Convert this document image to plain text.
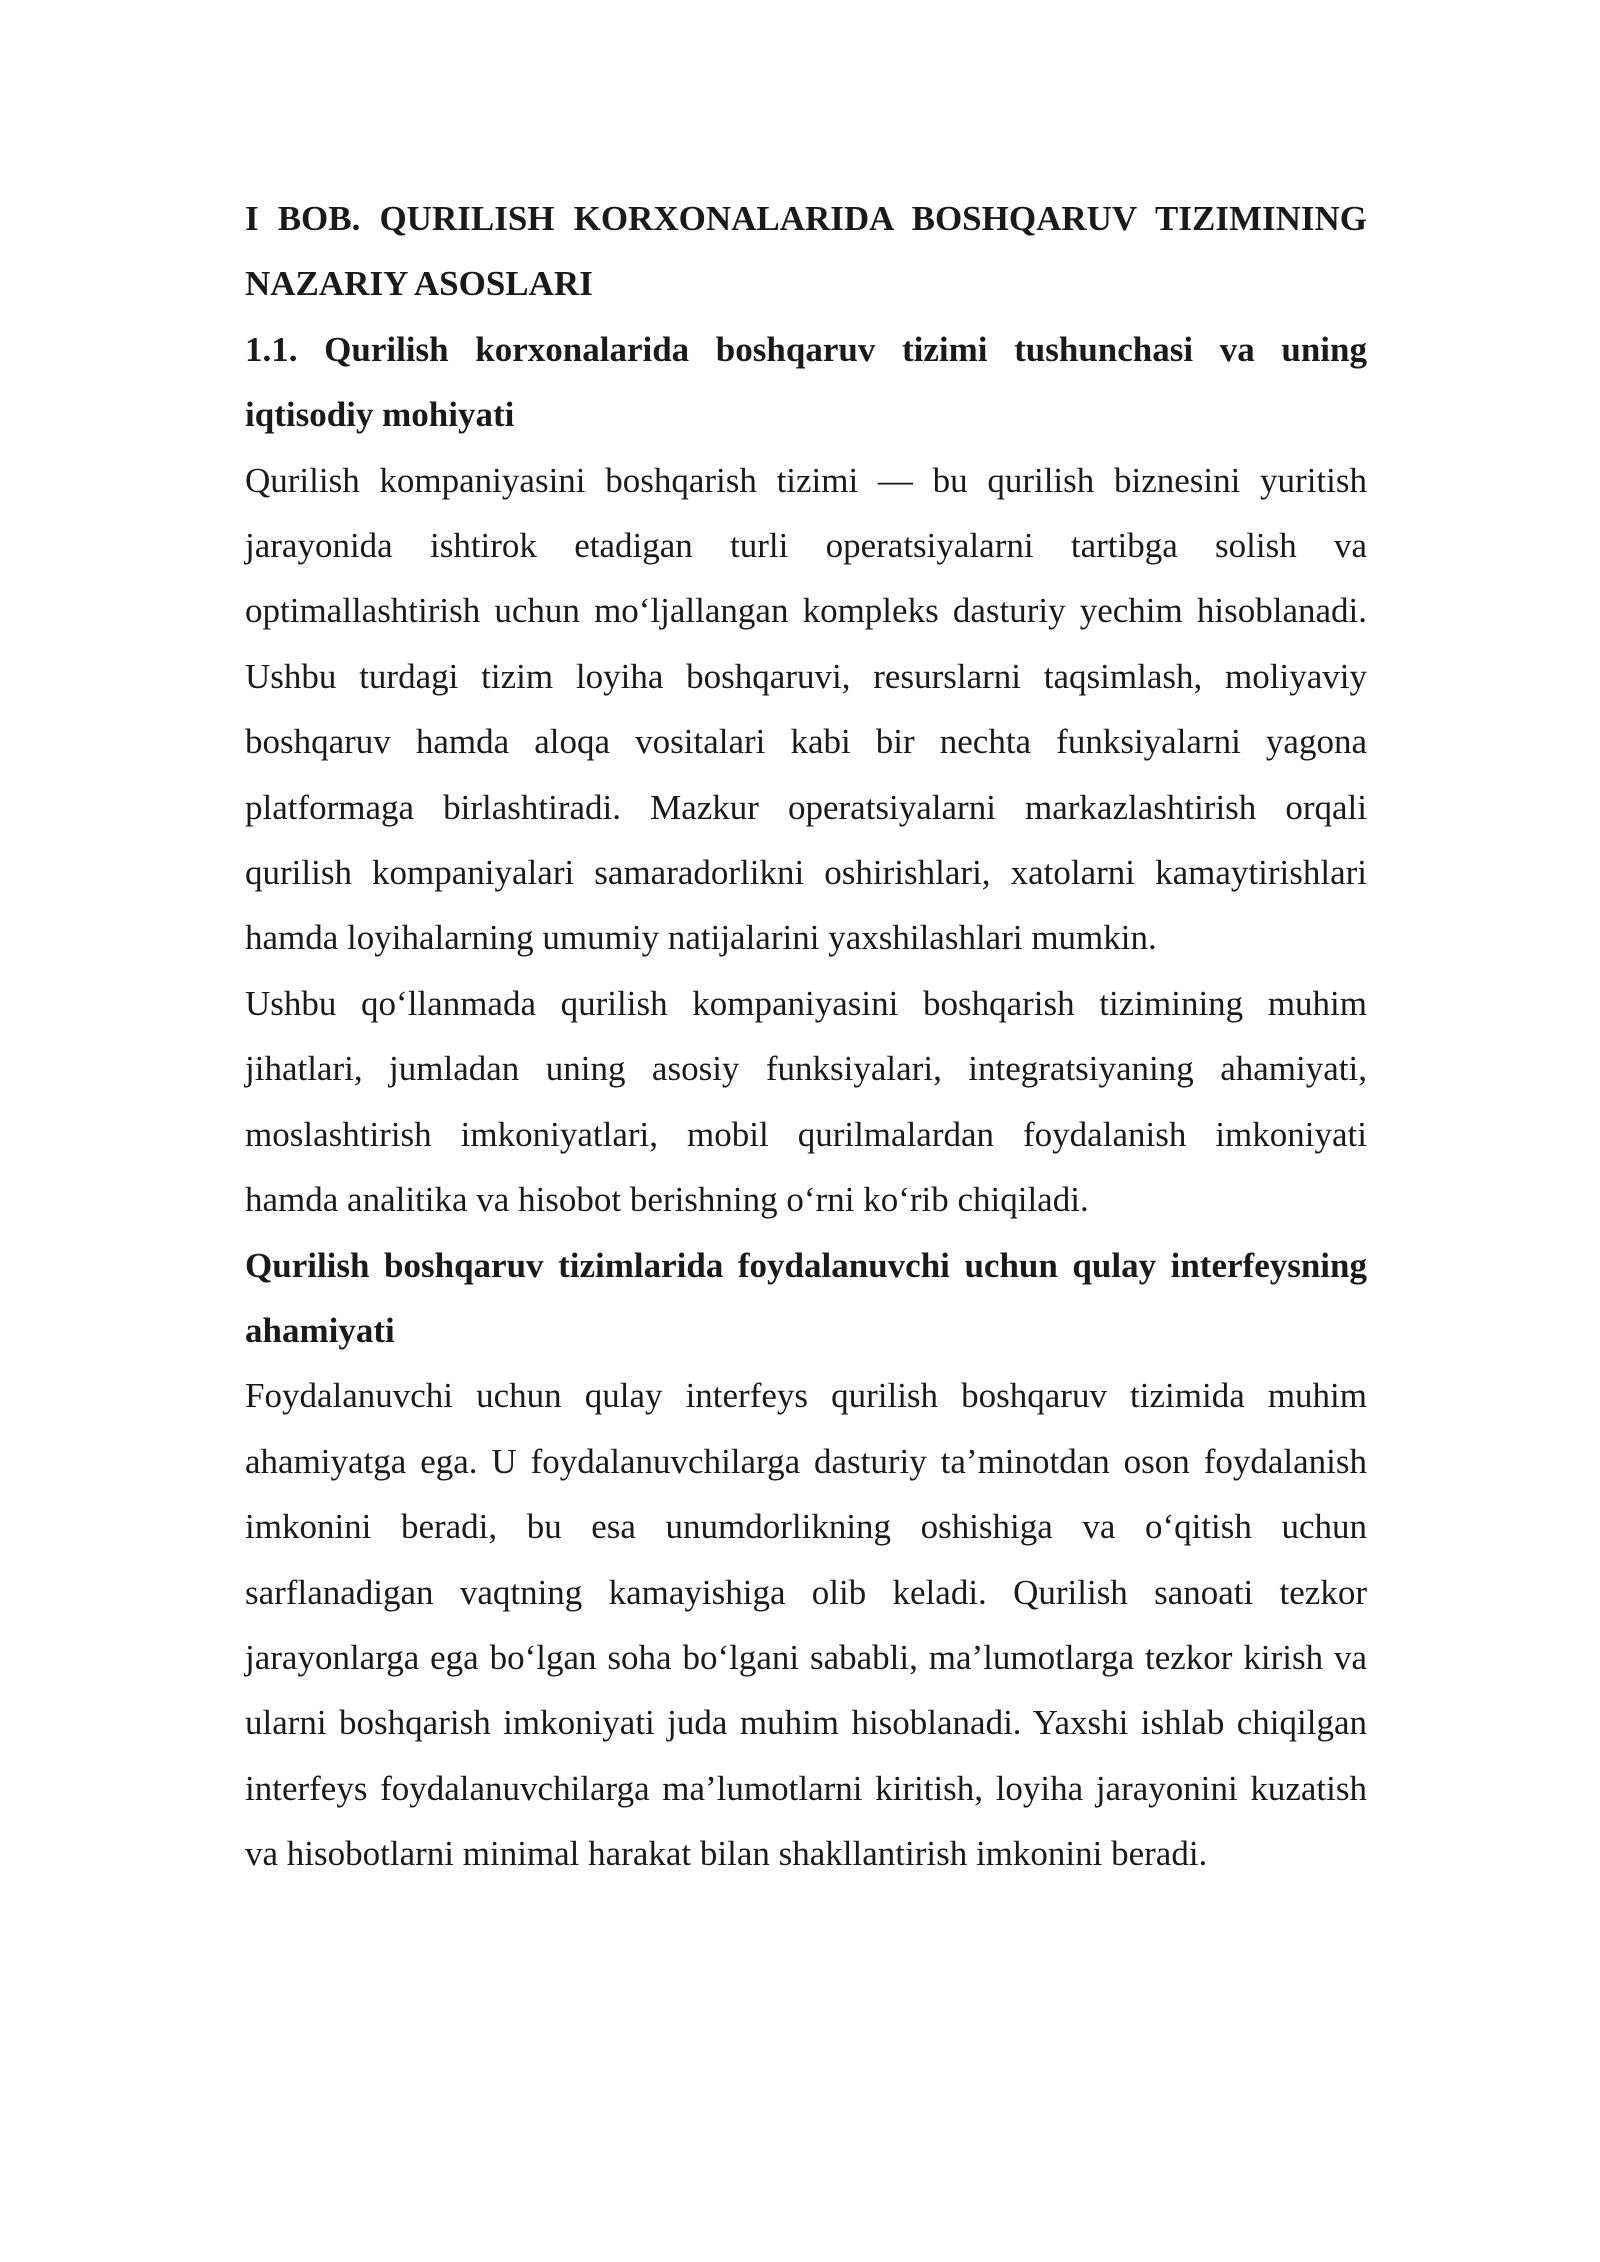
I BOB. QURILISH KORXONALARIDA BOSHQARUV TIZIMINING NAZARIY ASOSLARI
1.1. Qurilish korxonalarida boshqaruv tizimi tushunchasi va uning iqtisodiy mohiyati

Qurilish kompaniyasini boshqarish tizimi — bu qurilish biznesini yuritish jarayonida ishtirok etadigan turli operatsiyalarni tartibga solish va optimallashtirish uchun mo‘ljallangan kompleks dasturiy yechim hisoblanadi. Ushbu turdagi tizim loyiha boshqaruvi, resurslarni taqsimlash, moliyaviy boshqaruv hamda aloqa vositalari kabi bir nechta funksiyalarni yagona platformaga birlashtiradi. Mazkur operatsiyalarni markazlashtirish orqali qurilish kompaniyalari samaradorlikni oshirishlari, xatolarni kamaytirishlari hamda loyihalarning umumiy natijalarini yaxshilashlari mumkin.

Ushbu qo‘llanmada qurilish kompaniyasini boshqarish tizimining muhim jihatlari, jumladan uning asosiy funksiyalari, integratsiyaning ahamiyati, moslashtirish imkoniyatlari, mobil qurilmalardan foydalanish imkoniyati hamda analitika va hisobot berishning o‘rni ko‘rib chiqiladi.

Qurilish boshqaruv tizimlarida foydalanuvchi uchun qulay interfeysning ahamiyati

Foydalanuvchi uchun qulay interfeys qurilish boshqaruv tizimida muhim ahamiyatga ega. U foydalanuvchilarga dasturiy ta’minotdan oson foydalanish imkonini beradi, bu esa unumdorlikning oshishiga va o‘qitish uchun sarflanadigan vaqtning kamayishiga olib keladi. Qurilish sanoati tezkor jarayonlarga ega bo‘lgan soha bo‘lgani sababli, ma’lumotlarga tezkor kirish va ularni boshqarish imkoniyati juda muhim hisoblanadi. Yaxshi ishlab chiqilgan interfeys foydalanuvchilarga ma’lumotlarni kiritish, loyiha jarayonini kuzatish va hisobotlarni minimal harakat bilan shakllantirish imkonini beradi.
